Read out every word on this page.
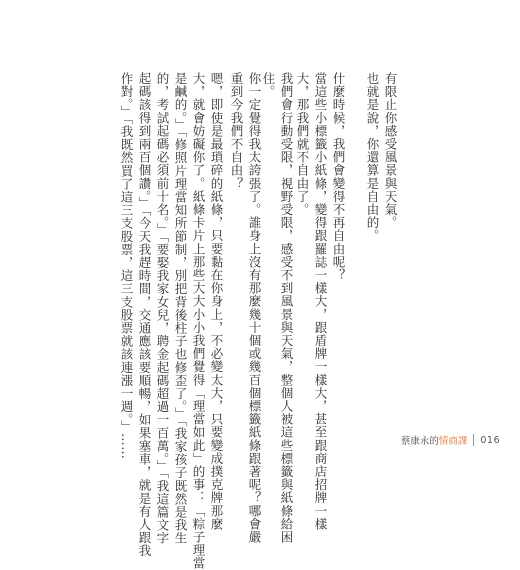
有限止你感受風景與天氣。
也就是說，你還算是自由的。
什麼時候，我們會變得不再自由呢？
當這些小標籤小紙條，變得跟羅誌一樣大，跟盾牌一樣大，甚至跟商店招牌一樣
大，那我們就不自由了。
我們會行動受限，視野受限，感受不到風景與天氣，整個人被這些標籤與紙條給困
住。
你一定覺得我太誇張了。誰身上沒有那麼幾十個或幾百個標籤紙條跟著呢？哪會嚴
重到今我們不自由？
嗯，即使是最瑣碎的紙條，只要黏在你身上，不必變太大，只要變成撲克牌那麼
大，就會妨礙你了。紙條卡片上那些大大小小我們覺得「理當如此」的事：「粽子理當
是鹹的。」「修照片理當知所節制，別把背後柱子也修歪了。」「我家孩子既然是我生
的，考試起碼必須前十名。」「要娶我家女兒，聘金起碼超過一百萬。」「我這篇文字
起碼該得到兩百個讚。」「今天我趕時間，交通應該要順暢，如果塞車，就是有人跟我
作對。」「我既然買了這三支股票，這三支股票就該連漲一週。」……	蔡康永的 情商課 016
